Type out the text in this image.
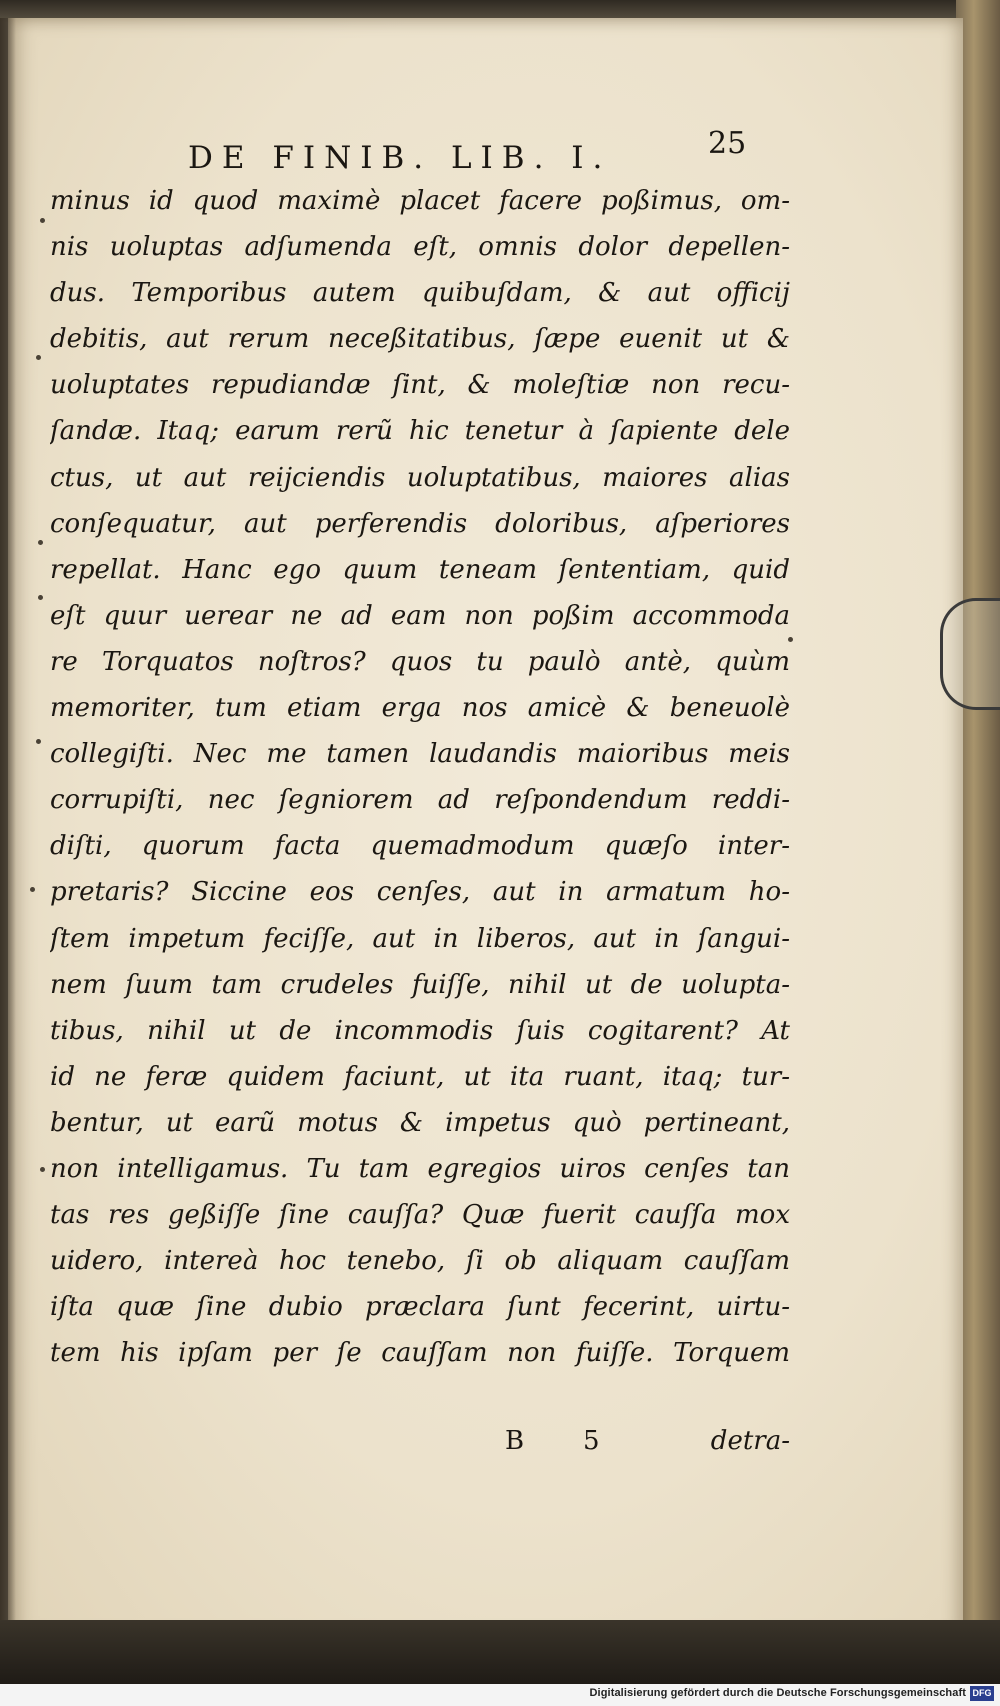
DE FINIB. LIB. I.	25
minus id quod maximè placet facere poßimus, om-
nis uoluptas adſumenda eſt, omnis dolor depellen-
dus. Temporibus autem quibuſdam, & aut officij
debitis, aut rerum neceßitatibus, ſæpe euenit ut &
uoluptates repudiandæ ſint, & moleſtiæ non recu-
ſandæ. Itaq; earum rerũ hic tenetur à ſapiente dele
ctus, ut aut reijciendis uoluptatibus, maiores alias
conſequatur, aut perferendis doloribus, aſperiores
repellat. Hanc ego quum teneam ſententiam, quid
eſt quur uerear ne ad eam non poßim accommoda
re Torquatos noſtros? quos tu paulò antè, quùm
memoriter, tum etiam erga nos amicè & beneuolè
collegiſti. Nec me tamen laudandis maioribus meis
corrupiſti, nec ſegniorem ad reſpondendum reddi-
diſti, quorum facta quemadmodum quæſo inter-
pretaris? Siccine eos cenſes, aut in armatum ho-
ſtem impetum feciſſe, aut in liberos, aut in ſangui-
nem ſuum tam crudeles fuiſſe, nihil ut de uolupta-
tibus, nihil ut de incommodis ſuis cogitarent? At
id ne feræ quidem faciunt, ut ita ruant, itaq; tur-
bentur, ut earũ motus & impetus quò pertineant,
non intelligamus. Tu tam egregios uiros cenſes tan
tas res geßiſſe ſine cauſſa? Quæ fuerit cauſſa mox
uidero, intereà hoc tenebo, ſi ob aliquam cauſſam
iſta quæ ſine dubio præclara ſunt fecerint, uirtu-
tem his ipſam per ſe cauſſam non fuiſſe. Torquem
B 5	detra-
Digitalisierung gefördert durch die Deutsche Forschungsgemeinschaft DFG
